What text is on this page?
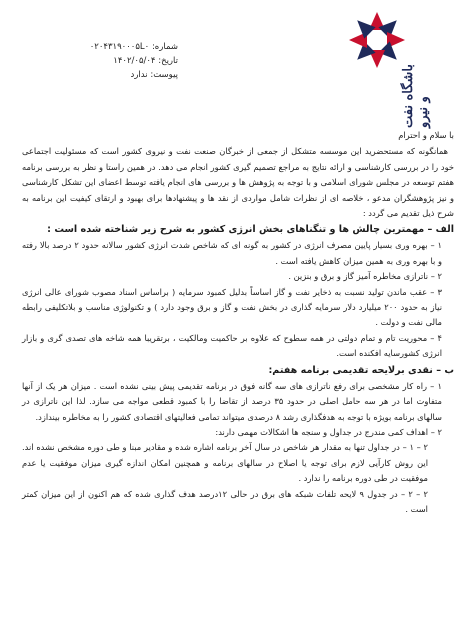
باشگاه نفت و نیرو
شماره: ۰۲۰۴۳۱۹۰۰۰۵L۰
تاریخ: ۱۴۰۲/۰۵/۰۴
پیوست: ندارد

با سلام و احترام

همانگونه که مستحضرید این موسسه متشکل از جمعی از خبرگان صنعت نفت و نیروی کشور است که مسئولیت اجتماعی خود را در بررسی کارشناسی و ارائه نتایج به مراجع تصمیم گیری کشور انجام می دهد. در همین راستا و نظر به بررسی برنامه هفتم توسعه در مجلس شورای اسلامی و با توجه به پژوهش ها و بررسی های انجام یافته توسط اعضای این تشکل کارشناسی و نیز پژوهشگران مدعو ، خلاصه ای از نظرات شامل مواردی از نقد ها و پیشنهادها برای بهبود و ارتقای کیفیت این برنامه به شرح ذیل تقدیم می گردد :

الف – مهمترین چالش ها و تنگناهای بخش انرژی کشور به شرح زیر شناخته شده است :

۱ – بهره وری بسیار پایین مصرف انرژی در کشور به گونه ای که شاخص شدت انرژی کشور سالانه حدود ۲ درصد بالا رفته و با بهره وری به همین میزان کاهش یافته است .

۲ – ناترازی مخاطره آمیز گاز و برق و بنزین .

۳ – عقب ماندن تولید نسبت به ذخایر نفت و گاز اساساً بدلیل کمبود سرمایه ( براساس اسناد مصوب شورای عالی انرژی نیاز به حدود ۲۰۰ میلیارد دلار سرمایه گذاری در بخش نفت و گاز و برق وجود دارد ) و تکنولوژی مناسب و بلاتکلیفی رابطه مالی نفت و دولت .

۴ – محوریت تام و تمام دولتی در همه سطوح که علاوه بر حاکمیت ومالکیت ، برتقریبا همه شاخه های تصدی گری و بازار انرژی کشورسایه افکنده است.

ب – نقدی برلایحه تقدیمی برنامه هفتم:

۱ – راه کار مشخصی برای رفع ناترازی های سه گانه فوق در برنامه تقدیمی پیش بینی نشده است . میزان هر یک از آنها متفاوت اما در هر سه حامل اصلی در حدود ۳۵ درصد از تقاضا را با کمبود قطعی مواجه می سازد. لذا این ناترازی در سالهای برنامه بویژه با توجه به هدفگذاری رشد ۸ درصدی میتواند تمامی فعالیتهای اقتصادی کشور را به مخاطره بیندازد.

۲ – اهداف کمی مندرج در جداول و سنجه ها اشکالات مهمی دارند:

۲ – ۱ – در جداول تنها به مقدار هر شاخص در سال آخر برنامه اشاره شده و مقادیر مبنا و طی دوره مشخص نشده اند. این روش کارآیی لازم برای توجه یا اصلاح در سالهای برنامه و همچنین امکان اندازه گیری میزان موفقیت یا عدم موفقیت در طی دوره برنامه را ندارد .

۲ – ۲ – در جدول ۹ لایحه تلفات شبکه های برق در حالی ۱۲درصد هدف گذاری شده که هم اکنون از این میزان کمتر است .
